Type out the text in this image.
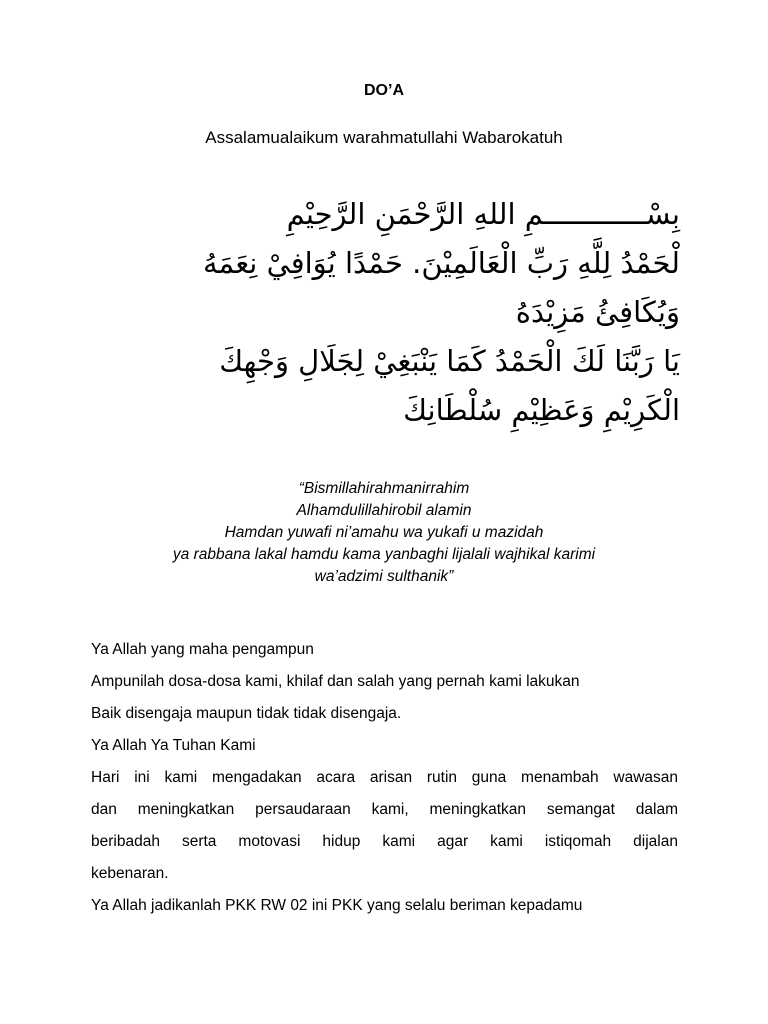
DO’A
Assalamualaikum warahmatullahi Wabarokatuh
بِسْــــــــــــمِ اللهِ الرَّحْمَنِ الرَّحِيْمِ
لْحَمْدُ لِلَّهِ رَبِّ الْعَالَمِيْنَ. حَمْدًا يُوَافِيْ نِعَمَهُ
وَيُكَافِئُ مَزِيْدَهُ
يَا رَبَّنَا لَكَ الْحَمْدُ كَمَا يَنْبَغِيْ لِجَلَالِ وَجْهِكَ
الْكَرِيْمِ وَعَظِيْمِ سُلْطَانِكَ
“Bismillahirahmanirrahim
Alhamdulillahirobil alamin
Hamdan yuwafi ni’amahu wa yukafi u mazidah
ya rabbana lakal hamdu kama yanbaghi lijalali wajhikal karimi
wa’adzimi sulthanik”
Ya Allah yang maha pengampun
Ampunilah dosa-dosa kami, khilaf dan salah yang pernah kami lakukan
Baik disengaja maupun tidak tidak disengaja.
Ya Allah Ya Tuhan Kami
Hari ini kami mengadakan acara arisan rutin guna menambah wawasan
dan meningkatkan persaudaraan kami, meningkatkan semangat dalam
beribadah serta motovasi hidup kami agar kami istiqomah dijalan
kebenaran.
Ya Allah jadikanlah PKK RW 02 ini PKK yang selalu beriman kepadamu
